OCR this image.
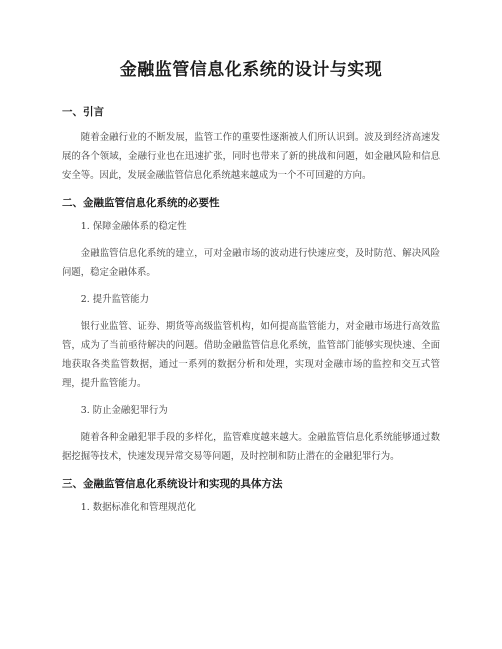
金融监管信息化系统的设计与实现
一、引言

随着金融行业的不断发展，监管工作的重要性逐渐被人们所认识到。波及到经济高速发展的各个领域，金融行业也在迅速扩张，同时也带来了新的挑战和问题，如金融风险和信息安全等。因此，发展金融监管信息化系统越来越成为一个不可回避的方向。

二、金融监管信息化系统的必要性

1. 保障金融体系的稳定性

金融监管信息化系统的建立，可对金融市场的波动进行快速应变，及时防范、解决风险问题，稳定金融体系。

2. 提升监管能力

银行业监管、证券、期货等高级监管机构，如何提高监管能力，对金融市场进行高效监管，成为了当前亟待解决的问题。借助金融监管信息化系统，监管部门能够实现快速、全面地获取各类监管数据，通过一系列的数据分析和处理，实现对金融市场的监控和交互式管理，提升监管能力。

3. 防止金融犯罪行为

随着各种金融犯罪手段的多样化，监管难度越来越大。金融监管信息化系统能够通过数据挖掘等技术，快速发现异常交易等问题，及时控制和防止潜在的金融犯罪行为。

三、金融监管信息化系统设计和实现的具体方法

1. 数据标准化和管理规范化
